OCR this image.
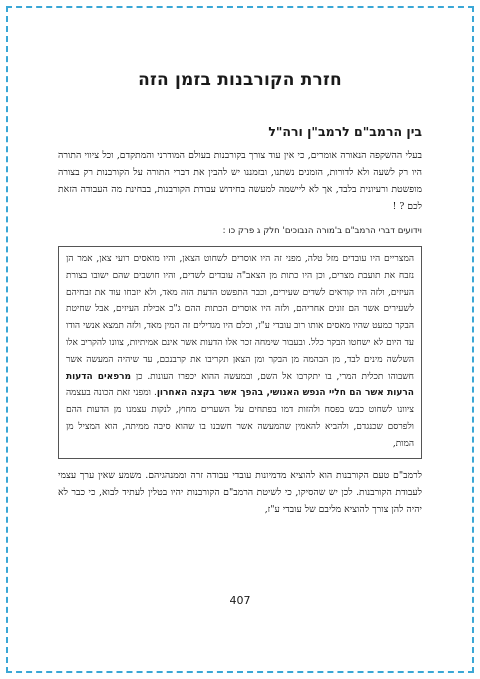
חזרת הקורבנות בזמן הזה
בין הרמב"ם לרמב"ן ורה"ל

בעלי ההשקפה הנאורה אומרים, כי אין עוד צורך בקורבנות בעולם המודרני והמתקדם, וכל ציווי התורה היו רק לשעה ולא לדורות, הזמנים נשתנו, ובזמננו יש להבין את דברי התורה על הקורבנות רק בצורה מופשטת ורעיונית בלבד, אך לא ליישמה למעשה בחידוש עבודת הקורבנות, בבחינת מה העבודה הזאת לכם ? !

וידועים דברי הרמב"ם ב'מורה הנבוכים' חלק ג פרק כו :

המצריים היו עובדים מזל טלה, מפני זה היו אוסרים לשחוט הצאן, והיו מואסים רועי צאן, אמר הן נזבח את תועבת מצרים, וכן היו כתות מן הצאב"ה עובדים לשדים, והיו חושבים שהם ישובו בצורת העיזים, ולזה היו קוראים לשדים שעירים, וכבר התפשט הדעת הזה מאד, ולא יזבחו עוד את זבחיהם לשעירים אשר הם זונים אחריהם, ולזה היו אוסרים הכתות ההם ג"כ אכילת העיזים, אבל שחיטת הבקר כמעט שהיו מאסים אותו רוב עובדי ע"ז, וכלם היו מגדילים זה המין מאד, ולזה תמצא אנשי הודו עד היום לא ישחטו הבקר כלל. ובעבור שימחה זכר אלו הדעות אשר אינם אמיתיות, צוונו להקריב אלו השלשה מינים לבד, מן הבהמה מן הבקר ומן הצאן תקריבו את קרבנכם, עד שיהיה המעשה אשר חשבוהו תכלית המרי, בו יתקרבו אל השם, ובמעשה ההוא יכפרו העונות. כן מרפאים הדעות הרעות אשר הם חליי הנפש האנושי, בהפך אשר בקצה האחרון. ומפני זאת הכונה בעצמה ציוונו לשחוט כבש בפסח ולהזות דמו בפתחים על השערים מחוץ, לנקות עצמנו מן הדעות ההם ולפרסם שכנגדם, ולהביא להאמין שהמעשה אשר חשבנו בו שהוא סיבה ממיתה, הוא המציל מן המות,

לרמב"ם טעם הקורבנות הוא להוציא מדמיונות עובדי עבודה זרה וממנהגיהם. משמע שאין ערך עצמי לעבודת הקורבנות. לכן יש שהסיקו, כי לשיטת הרמב"ם הקורבנות יהיו בטלין לעתיד לבוא, כי כבר לא יהיה להן צורך להוציא מליבם של עובדי ע"ז,

407
